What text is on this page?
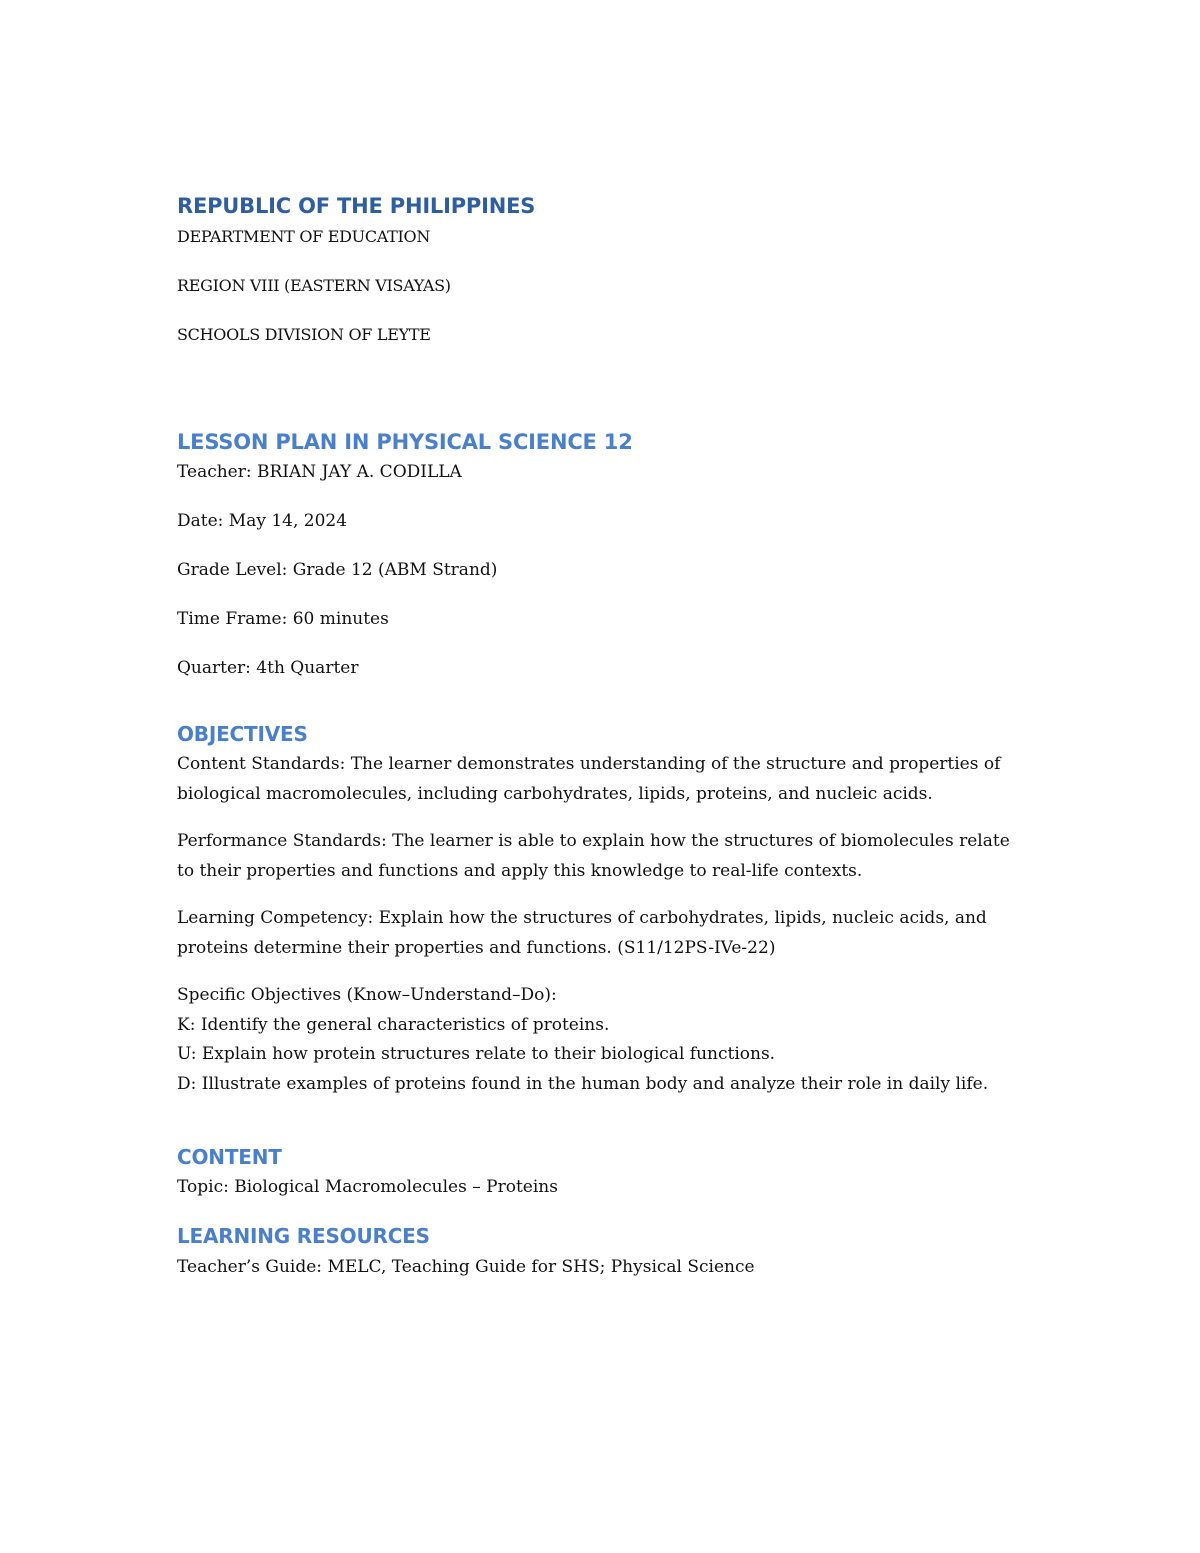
REPUBLIC OF THE PHILIPPINES

DEPARTMENT OF EDUCATION

REGION VIII (EASTERN VISAYAS)

SCHOOLS DIVISION OF LEYTE

LESSON PLAN IN PHYSICAL SCIENCE 12

Teacher: BRIAN JAY A. CODILLA

Date: May 14, 2024

Grade Level: Grade 12 (ABM Strand)

Time Frame: 60 minutes

Quarter: 4th Quarter

OBJECTIVES

Content Standards: The learner demonstrates understanding of the structure and properties of biological macromolecules, including carbohydrates, lipids, proteins, and nucleic acids.

Performance Standards: The learner is able to explain how the structures of biomolecules relate to their properties and functions and apply this knowledge to real-life contexts.

Learning Competency: Explain how the structures of carbohydrates, lipids, nucleic acids, and proteins determine their properties and functions. (S11/12PS-IVe-22)

Specific Objectives (Know–Understand–Do):

K: Identify the general characteristics of proteins.

U: Explain how protein structures relate to their biological functions.

D: Illustrate examples of proteins found in the human body and analyze their role in daily life.

CONTENT

Topic: Biological Macromolecules – Proteins

LEARNING RESOURCES

Teacher’s Guide: MELC, Teaching Guide for SHS; Physical Science
